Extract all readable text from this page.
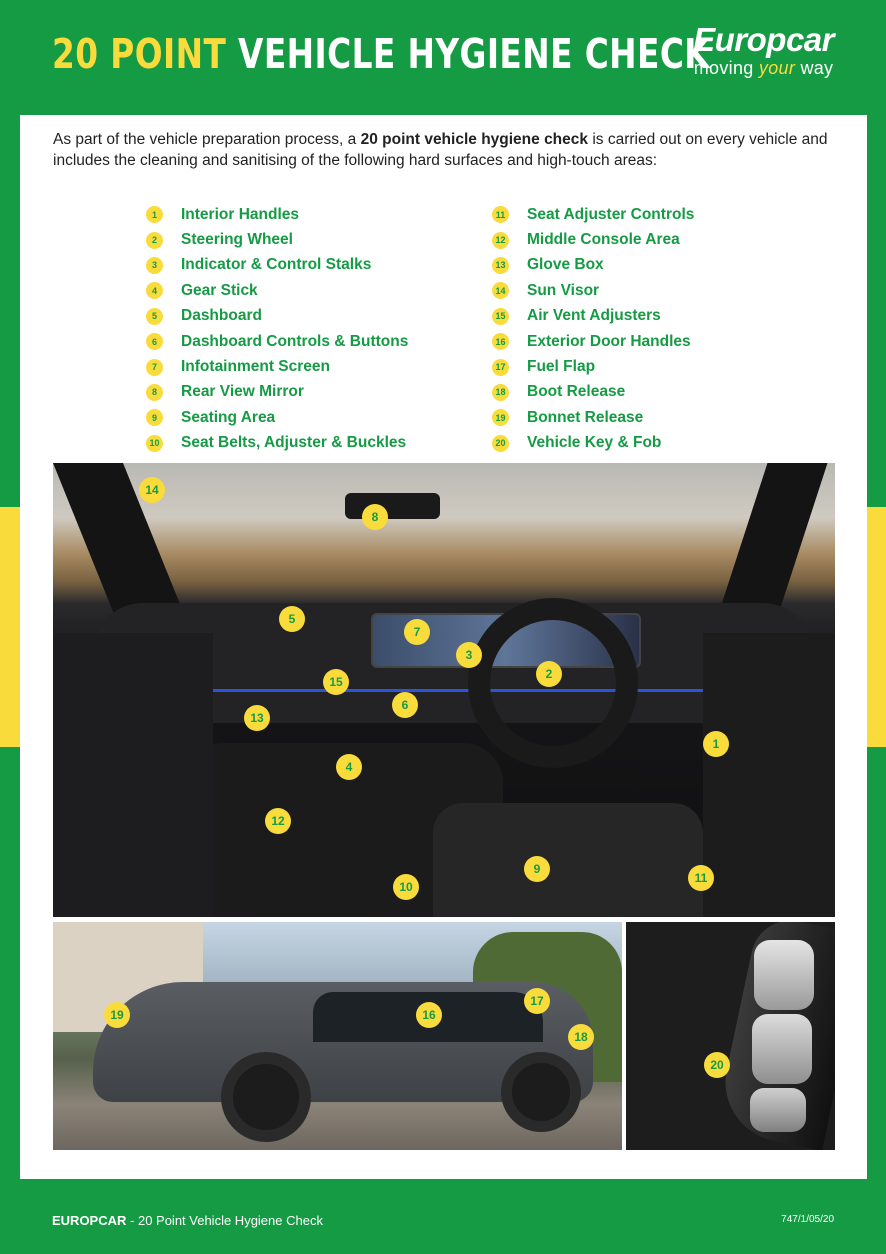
20 POINT VEHICLE HYGIENE CHECK
Europcar
moving your way

As part of the vehicle preparation process, a 20 point vehicle hygiene check is carried out on every vehicle and includes the cleaning and sanitising of the following hard surfaces and high-touch areas:

1	Interior Handles
2	Steering Wheel
3	Indicator & Control Stalks
4	Gear Stick
5	Dashboard
6	Dashboard Controls & Buttons
7	Infotainment Screen
8	Rear View Mirror
9	Seating Area
10 Seat Belts, Adjuster & Buckles
11 Seat Adjuster Controls
12 Middle Console Area
13 Glove Box
14 Sun Visor
15 Air Vent Adjusters
16 Exterior Door Handles
17 Fuel Flap
18 Boot Release
19 Bonnet Release
20 Vehicle Key & Fob
14
8
5
7
3
2
15
6
13
4
1
12
9
10
11
19	16
17
18
20
EUROPCAR - 20 Point Vehicle Hygiene Check	747/1/05/20
